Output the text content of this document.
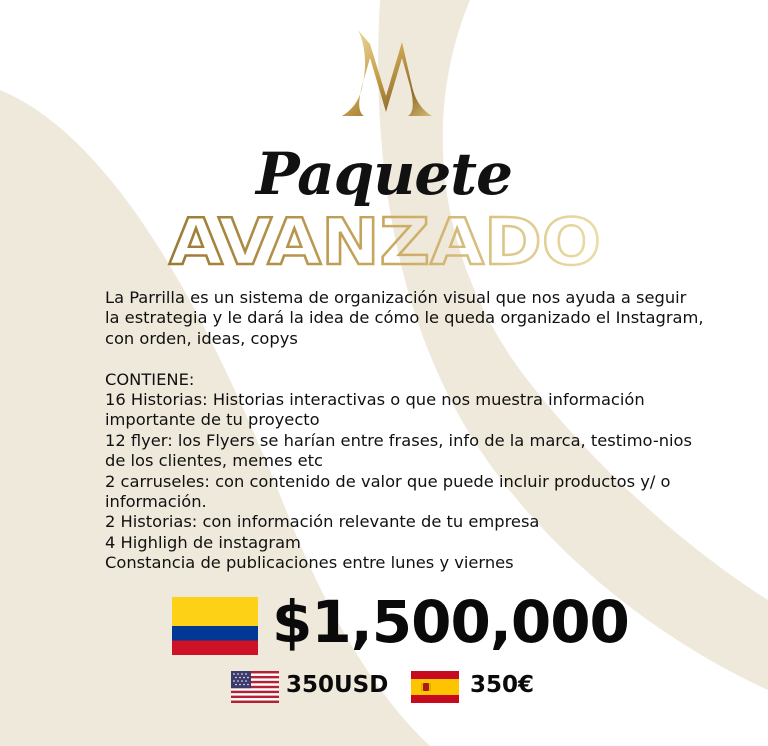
Paquete
AVANZADO

La Parrilla es un sistema de organización visual que nos ayuda a seguir la estrategia y le dará la idea de cómo le queda organizado el Instagram, con orden, ideas, copys

CONTIENE:

16 Historias: Historias interactivas o que nos muestra información importante de tu proyecto

12 flyer: los Flyers se harían entre frases, info de la marca, testimo-nios de los clientes, memes etc

2 carruseles: con contenido de valor que puede incluir productos y/ o información.

2 Historias: con información relevante de tu empresa

4 Highligh de instagram

Constancia de publicaciones entre lunes y viernes

$1,500,000
350USD	350€
